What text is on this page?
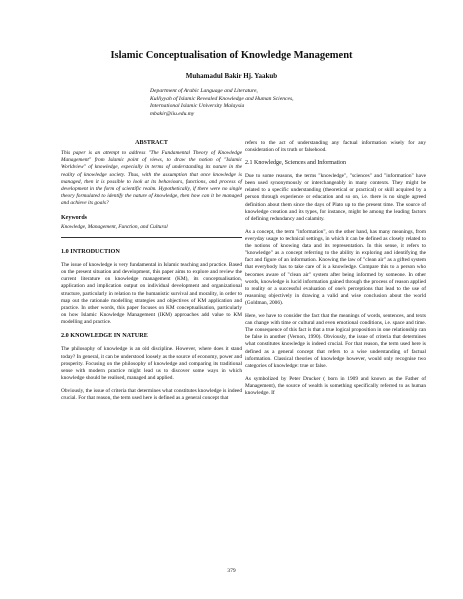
Islamic Conceptualisation of Knowledge Management
Muhamadul Bakir Hj. Yaakub
Department of Arabic Language and Literature,
Kulliyyah of Islamic Revealed Knowledge and Human Sciences,
International Islamic University Malaysia
mbakir@iiu.edu.my
ABSTRACT

This paper is an attempt to address "The Fundamental Theory of Knowledge Management" from Islamic point of views, to draw the notion of "Islamic Worldview" of knowledge, especially in terms of understanding its nature in the reality of knowledge society. Thus, with the assumption that once knowledge is managed, then it is possible to look at its behaviours, functions, and process of development in the form of scientific realm. Hypothetically, if there were no single theory formulated to identify the nature of knowledge, then how can it be managed and achieve its goals?

Keywords

Knowledge, Management, Function, and Cultural

1.0 INTRODUCTION

The issue of knowledge is very fundamental in Islamic teaching and practice. Based on the present situation and development, this paper aims to explore and review the current literature on knowledge management (KM), its conceptualisation, application and implication output on individual development and organizational structure, particularly in relation to the humanistic survival and morality, in order to map out the rationale modelling strategies and objectives of KM application and practice. In other words, this paper focuses on KM conceptualisation, particularly on how Islamic Knowledge Management (IKM) approaches add value to KM modelling and practice.

2.0 KNOWLEDGE IN NATURE

The philosophy of knowledge is an old discipline. However, where does it stand today? In general, it can be understood loosely as the source of economy, power and prosperity. Focusing on the philosophy of knowledge and comparing its traditional sense with modern practice might lead us to discover some ways in which knowledge should be realised, managed and applied.

Obviously, the issue of criteria that determines what constitutes knowledge is indeed crucial. For that reason, the term used here is defined as a general concept that

refers to the act of understanding any factual information wisely for any consideration of its truth or falsehood.

2.1 Knowledge, Sciences and Information

Due to some reasons, the terms "knowledge", "sciences" and "information" have been used synonymously or interchangeably in many contexts. They might be related to a specific understanding (theoretical or practical) or skill acquired by a person through experience or education and so on, i.e. there is no single agreed definition about them since the days of Plato up to the present time. The source of knowledge creation and its types, for instance, might be among the leading factors of defining redundancy and calamity.

As a concept, the term "information", on the other hand, has many meanings, from everyday usage to technical settings, in which it can be defined as closely related to the notions of knowing data and its representation. In this sense, it refers to "knowledge" as a concept referring to the ability in exploring and identifying the fact and figure of an information. Knowing the law of "clean air" as a gifted system that everybody has to take care of is a knowledge. Compare this to a person who becomes aware of "clean air" system after being informed by someone. In other words, knowledge is lucid information gained through the process of reason applied to reality or a successful evaluation of one's perceptions that lead to the use of reasoning objectively in drawing a valid and wise conclusion about the world (Goldman, 2006).

Here, we have to consider the fact that the meanings of words, sentences, and texts can change with time or cultural and even emotional conditions, i.e. space and time. The consequence of this fact is that a true logical proposition in one relationship can be false in another (Vernon, 1990). Obviously, the issue of criteria that determines what constitutes knowledge is indeed crucial. For that reason, the term used here is defined as a general concept that refers to a wise understanding of factual information. Classical theories of knowledge however, would only recognise two categories of knowledge: true or false.

As symbolized by Peter Drucker ( born in 1909 and known as the Father of Management), the source of wealth is something specifically referred to as human knowledge. If

379
